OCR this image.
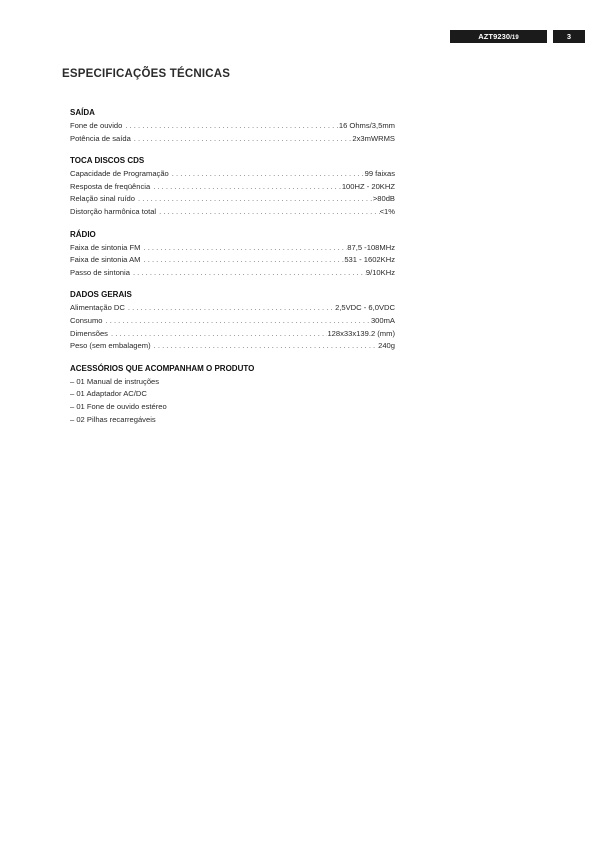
AZT9230/19	3
ESPECIFICAÇÕES TÉCNICAS
SAÍDA
Fone de ouvido . . .	16 Ohms/3,5mm
Potência de saída . . .	2x3mWRMS
TOCA DISCOS CDS
Capacidade de Programação . . .	99 faixas
Resposta de freqüência . . .	100HZ - 20KHZ
Relação sinal ruído . . .	>80dB
Distorção harmônica total . . .	<1%
RÁDIO
Faixa de sintonia FM . . .	87,5 -108MHz
Faixa de sintonia AM . . .	531 - 1602KHz
Passo de sintonia . . .	9/10KHz
DADOS GERAIS
Alimentação DC . . .	2,5VDC - 6,0VDC
Consumo . . .	300mA
Dimensões . . .	128x33x139.2 (mm)
Peso (sem embalagem) . . .	240g
ACESSÓRIOS QUE ACOMPANHAM O PRODUTO
– 01 Manual de instruções
– 01 Adaptador AC/DC
– 01 Fone de ouvido estéreo
– 02 Pilhas recarregáveis
